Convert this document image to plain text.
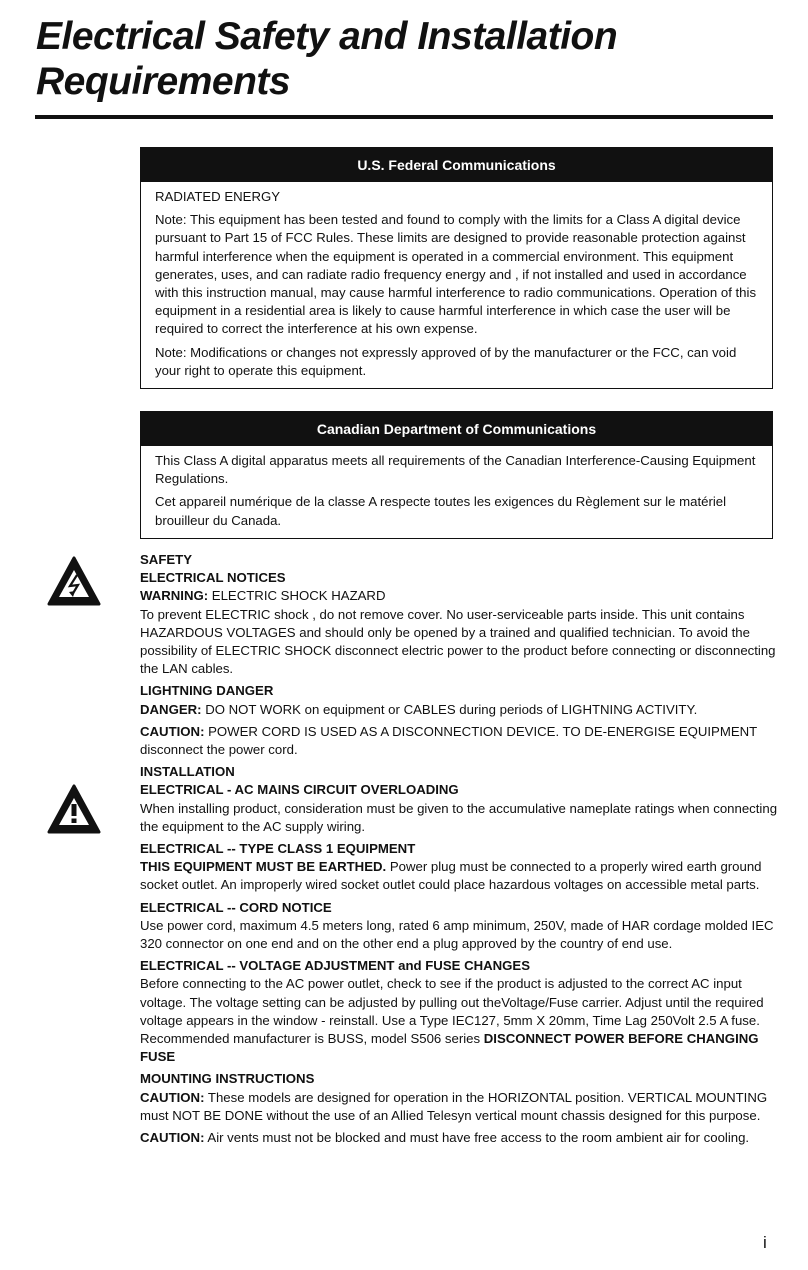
Electrical Safety and Installation
Requirements
U.S. Federal Communications

RADIATED ENERGY

Note: This equipment has been tested and found to comply with the limits for a Class A digital device pursuant to Part 15 of FCC Rules. These limits are designed to provide reasonable protection against harmful interference when the equipment is operated in a commercial environment. This equipment generates, uses, and can radiate radio frequency energy and , if not installed and used in accordance with this instruction manual, may cause harmful interference to radio communications. Operation of this equipment in a residential area is likely to cause harmful interference in which case the user will be required to correct the interference at his own expense.

Note: Modifications or changes not expressly approved of by the manufacturer or the FCC, can void your right to operate this equipment.

Canadian Department of Communications

This Class A digital apparatus meets all requirements of the Canadian Interference-Causing Equipment Regulations.

Cet appareil numérique de la classe A respecte toutes les exigences du Règlement sur le matériel brouilleur du Canada.

SAFETY

ELECTRICAL NOTICES

WARNING: ELECTRIC SHOCK HAZARD

To prevent ELECTRIC shock , do not remove cover. No user-serviceable parts inside. This unit contains HAZARDOUS VOLTAGES and should only be opened by a trained and qualified technician. To avoid the possibility of ELECTRIC SHOCK disconnect electric power to the product before connecting or disconnecting the LAN cables.

LIGHTNING DANGER

DANGER: DO NOT WORK on equipment or CABLES during periods of LIGHTNING ACTIVITY.

CAUTION: POWER CORD IS USED AS A DISCONNECTION DEVICE. TO DE-ENERGISE EQUIPMENT disconnect the power cord.

INSTALLATION

ELECTRICAL - AC MAINS CIRCUIT OVERLOADING

When installing product, consideration must be given to the accumulative nameplate ratings when connecting the equipment to the AC supply wiring.

ELECTRICAL -- TYPE CLASS 1 EQUIPMENT

THIS EQUIPMENT MUST BE EARTHED. Power plug must be connected to a properly wired earth ground socket outlet. An improperly wired socket outlet could place hazardous voltages on accessible metal parts.

ELECTRICAL -- CORD NOTICE

Use power cord, maximum 4.5 meters long, rated 6 amp minimum, 250V, made of HAR cordage molded IEC 320 connector on one end and on the other end a plug approved by the country of end use.

ELECTRICAL -- VOLTAGE ADJUSTMENT and FUSE CHANGES

Before connecting to the AC power outlet, check to see if the product is adjusted to the correct AC input voltage. The voltage setting can be adjusted by pulling out theVoltage/Fuse carrier. Adjust until the required voltage appears in the window - reinstall. Use a Type IEC127, 5mm X 20mm, Time Lag 250Volt 2.5 A fuse. Recommended manufacturer is BUSS, model S506 series DISCONNECT POWER BEFORE CHANGING FUSE

MOUNTING INSTRUCTIONS

CAUTION: These models are designed for operation in the HORIZONTAL position. VERTICAL MOUNTING must NOT BE DONE without the use of an Allied Telesyn vertical mount chassis designed for this purpose.

CAUTION: Air vents must not be blocked and must have free access to the room ambient air for cooling.

i
